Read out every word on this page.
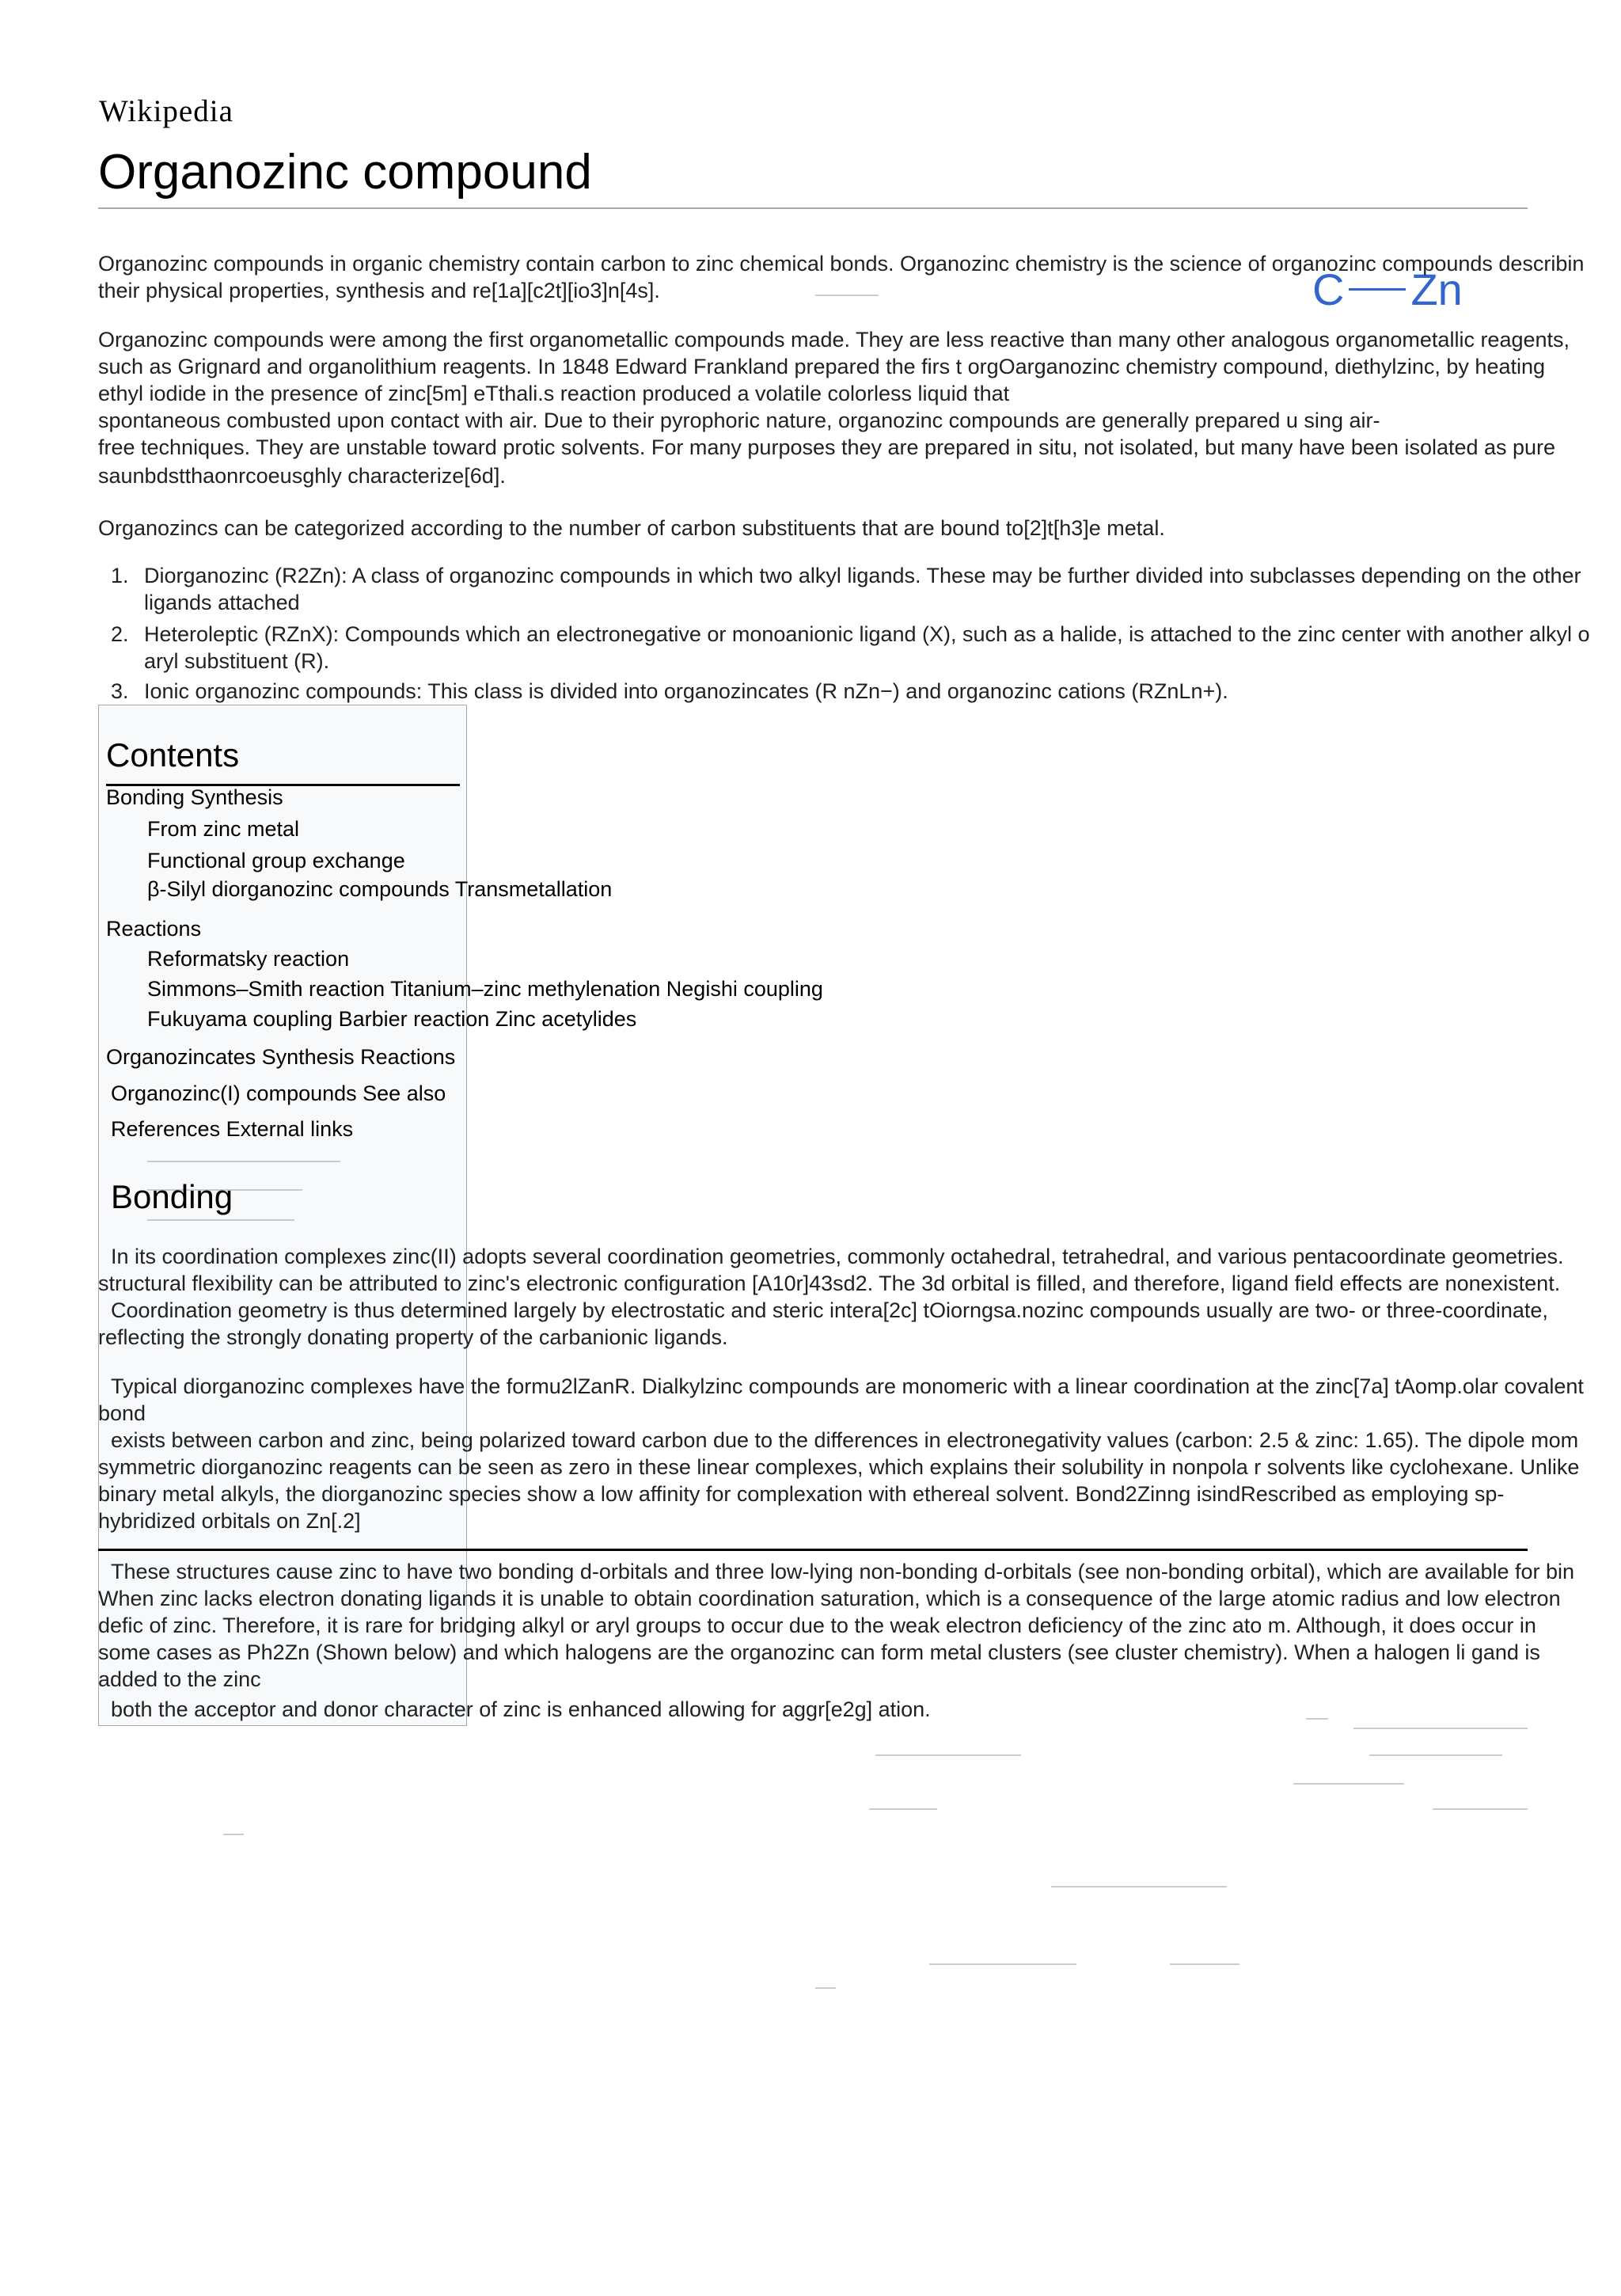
Wikipedia
Organozinc compound
C Zn
Organozinc compounds in organic chemistry contain carbon to zinc chemical bonds. Organozinc chemistry is the science of organozinc compounds describin
their physical properties, synthesis and re[1a][c2t][io3]n[4s].
Organozinc compounds were among the first organometallic compounds made. They are less reactive than many other analogous organometallic reagents,
such as Grignard and organolithium reagents. In 1848 Edward Frankland prepared the firs t orgOarganozinc chemistry compound, diethylzinc, by heating
ethyl iodide in the presence of zinc[5m] eTthali.s reaction produced a volatile colorless liquid that
spontaneous combusted upon contact with air. Due to their pyrophoric nature, organozinc compounds are generally prepared u sing air-
free techniques. They are unstable toward protic solvents. For many purposes they are prepared in situ, not isolated, but many have been isolated as pure
saunbdstthaonrcoeusghly characterize[6d].
Organozincs can be categorized according to the number of carbon substituents that are bound to[2]t[h3]e metal.
1. Diorganozinc (R2Zn): A class of organozinc compounds in which two alkyl ligands. These may be further divided into subclasses depending on the other
ligands attached
2. Heteroleptic (RZnX): Compounds which an electronegative or monoanionic ligand (X), such as a halide, is attached to the zinc center with another alkyl o
aryl substituent (R).
3. Ionic organozinc compounds: This class is divided into organozincates (R nZn−) and organozinc cations (RZnLn+).
Contents
Bonding Synthesis
From zinc metal
Functional group exchange
β-Silyl diorganozinc compounds Transmetallation
Reactions
Reformatsky reaction
Simmons–Smith reaction Titanium–zinc methylenation Negishi coupling
Fukuyama coupling Barbier reaction Zinc acetylides
Organozincates Synthesis Reactions
Organozinc(I) compounds See also
References External links
Bonding
In its coordination complexes zinc(II) adopts several coordination geometries, commonly octahedral, tetrahedral, and various pentacoordinate geometries.
structural flexibility can be attributed to zinc's electronic configuration [A10r]43sd2. The 3d orbital is filled, and therefore, ligand field effects are nonexistent.
Coordination geometry is thus determined largely by electrostatic and steric intera[2c] tOiorngsa.nozinc compounds usually are two- or three-coordinate,
reflecting the strongly donating property of the carbanionic ligands.
Typical diorganozinc complexes have the formu2lZanR. Dialkylzinc compounds are monomeric with a linear coordination at the zinc[7a] tAomp.olar covalent
bond
exists between carbon and zinc, being polarized toward carbon due to the differences in electronegativity values (carbon: 2.5 & zinc: 1.65). The dipole mom
symmetric diorganozinc reagents can be seen as zero in these linear complexes, which explains their solubility in nonpola r solvents like cyclohexane. Unlike
binary metal alkyls, the diorganozinc species show a low affinity for complexation with ethereal solvent. Bond2Zinng isindRescribed as employing sp-
hybridized orbitals on Zn[.2]
These structures cause zinc to have two bonding d-orbitals and three low-lying non-bonding d-orbitals (see non-bonding orbital), which are available for bin
When zinc lacks electron donating ligands it is unable to obtain coordination saturation, which is a consequence of the large atomic radius and low electron
defic of zinc. Therefore, it is rare for bridging alkyl or aryl groups to occur due to the weak electron deficiency of the zinc ato m. Although, it does occur in
some cases as Ph2Zn (Shown below) and which halogens are the organozinc can form metal clusters (see cluster chemistry). When a halogen li gand is
added to the zinc
both the acceptor and donor character of zinc is enhanced allowing for aggr[e2g] ation.
